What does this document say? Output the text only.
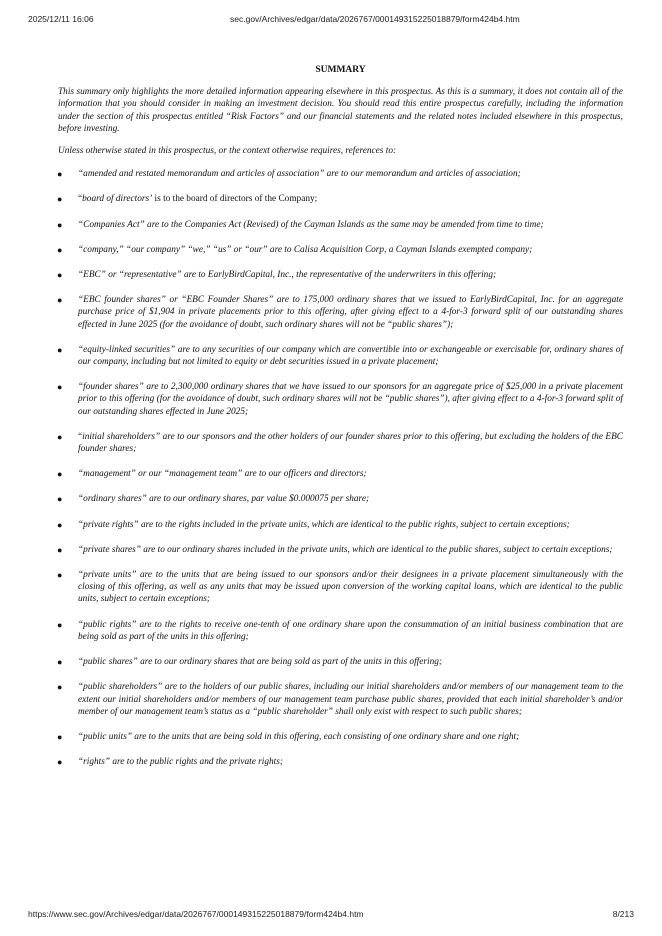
2025/12/11 16:06	sec.gov/Archives/edgar/data/2026767/000149315225018879/form424b4.htm
SUMMARY

This summary only highlights the more detailed information appearing elsewhere in this prospectus. As this is a summary, it does not contain all of the information that you should consider in making an investment decision. You should read this entire prospectus carefully, including the information under the section of this prospectus entitled “Risk Factors” and our financial statements and the related notes included elsewhere in this prospectus, before investing.

Unless otherwise stated in this prospectus, or the context otherwise requires, references to:

● “amended and restated memorandum and articles of association” are to our memorandum and articles of association;
● “board of directors’ is to the board of directors of the Company;
● “Companies Act” are to the Companies Act (Revised) of the Cayman Islands as the same may be amended from time to time;
● “company,” “our company” “we,” “us” or “our” are to Calisa Acquisition Corp, a Cayman Islands exempted company;
● “EBC” or “representative” are to EarlyBirdCapital, Inc., the representative of the underwriters in this offering;
● “EBC founder shares” or “EBC Founder Shares” are to 175,000 ordinary shares that we issued to EarlyBirdCapital, Inc. for an aggregate purchase price of $1,904 in private placements prior to this offering, after giving effect to a 4-for-3 forward split of our outstanding shares effected in June 2025 (for the avoidance of doubt, such ordinary shares will not be “public shares”);
● “equity-linked securities” are to any securities of our company which are convertible into or exchangeable or exercisable for, ordinary shares of our company, including but not limited to equity or debt securities issued in a private placement;
● “founder shares” are to 2,300,000 ordinary shares that we have issued to our sponsors for an aggregate price of $25,000 in a private placement prior to this offering (for the avoidance of doubt, such ordinary shares will not be “public shares”), after giving effect to a 4-for-3 forward split of our outstanding shares effected in June 2025;
● “initial shareholders” are to our sponsors and the other holders of our founder shares prior to this offering, but excluding the holders of the EBC founder shares;
● “management” or our “management team” are to our officers and directors;
● “ordinary shares” are to our ordinary shares, par value $0.000075 per share;
● “private rights” are to the rights included in the private units, which are identical to the public rights, subject to certain exceptions;
● “private shares” are to our ordinary shares included in the private units, which are identical to the public shares, subject to certain exceptions;
● “private units” are to the units that are being issued to our sponsors and/or their designees in a private placement simultaneously with the closing of this offering, as well as any units that may be issued upon conversion of the working capital loans, which are identical to the public units, subject to certain exceptions;
● “public rights” are to the rights to receive one-tenth of one ordinary share upon the consummation of an initial business combination that are being sold as part of the units in this offering;
● “public shares” are to our ordinary shares that are being sold as part of the units in this offering;
● “public shareholders” are to the holders of our public shares, including our initial shareholders and/or members of our management team to the extent our initial shareholders and/or members of our management team purchase public shares, provided that each initial shareholder’s and/or member of our management team’s status as a “public shareholder” shall only exist with respect to such public shares;
● “public units” are to the units that are being sold in this offering, each consisting of one ordinary share and one right;
● “rights” are to the public rights and the private rights;
https://www.sec.gov/Archives/edgar/data/2026767/000149315225018879/form424b4.htm	8/213
